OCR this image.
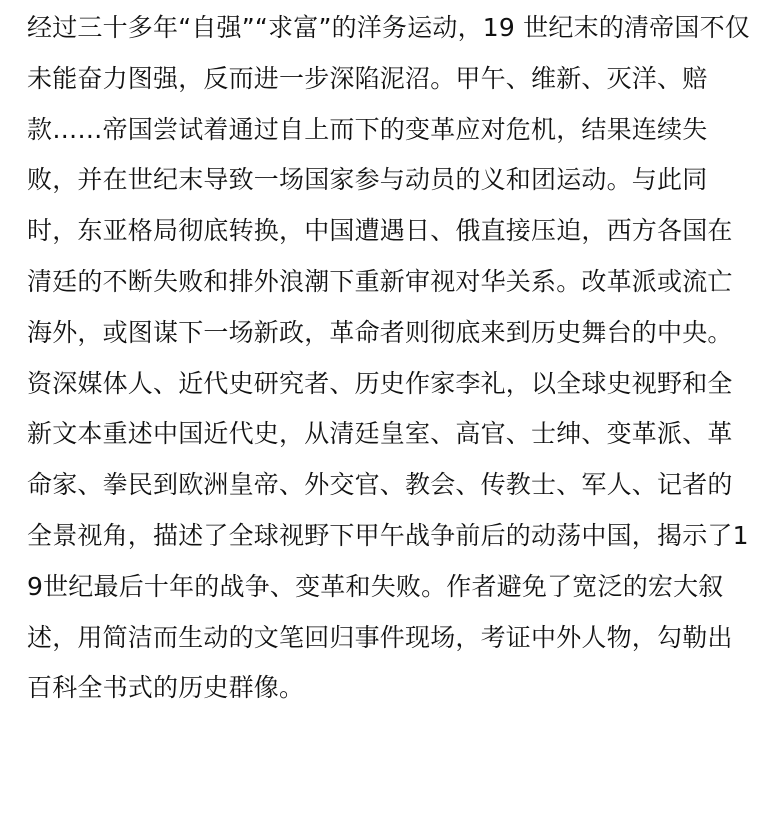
经过三十多年“自强”“求富”的洋务运动，19 世纪末的清帝国不仅未能奋力图强，反而进一步深陷泥沼。甲午、维新、灭洋、赔款……帝国尝试着通过自上而下的变革应对危机，结果连续失败，并在世纪末导致一场国家参与动员的义和团运动。与此同时，东亚格局彻底转换，中国遭遇日、俄直接压迫，西方各国在清廷的不断失败和排外浪潮下重新审视对华关系。改革派或流亡海外，或图谋下一场新政，革命者则彻底来到历史舞台的中央。

资深媒体人、近代史研究者、历史作家李礼，以全球史视野和全新文本重述中国近代史，从清廷皇室、高官、士绅、变革派、革命家、拳民到欧洲皇帝、外交官、教会、传教士、军人、记者的全景视角，描述了全球视野下甲午战争前后的动荡中国，揭示了19世纪最后十年的战争、变革和失败。作者避免了宽泛的宏大叙述，用简洁而生动的文笔回归事件现场，考证中外人物，勾勒出百科全书式的历史群像。
